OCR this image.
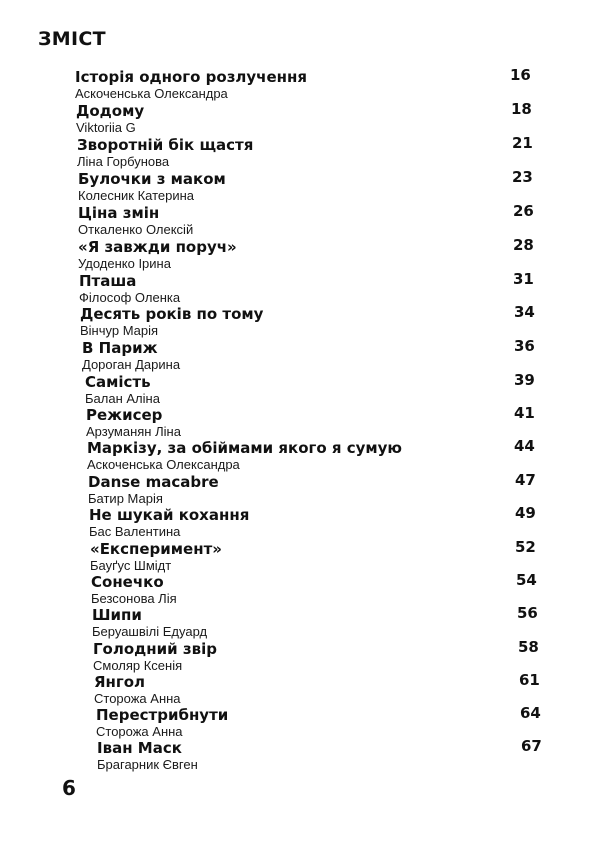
ЗМІСТ
Історія одного розлучення
Аскоченська Олександра
16
Додому
Viktoriia G
18
Зворотній бік щастя
Ліна Горбунова
21
Булочки з маком
Колесник Катерина
23
Ціна змін
Откаленко Олексій
26
«Я завжди поруч»
Удоденко Ірина
28
Пташа
Філософ Оленка
31
Десять років по тому
Вінчур Марія
34
В Париж
Дороган Дарина
36
Самість
Балан Аліна
39
Режисер
Арзуманян Ліна
41
Маркізу, за обіймами якого я сумую
Аскоченська Олександра
44
Danse macabre
Батир Марія
47
Не шукай кохання
Бас Валентина
49
«Експеримент»
Бауґус Шмідт
52
Сонечко
Безсонова Лія
54
Шипи
Беруашвілі Едуард
56
Голодний звір
Смоляр Ксенія
58
Янгол
Сторожа Анна
61
Перестрибнути
Сторожа Анна
64
Іван Маск
Брагарник Євген
67
6
